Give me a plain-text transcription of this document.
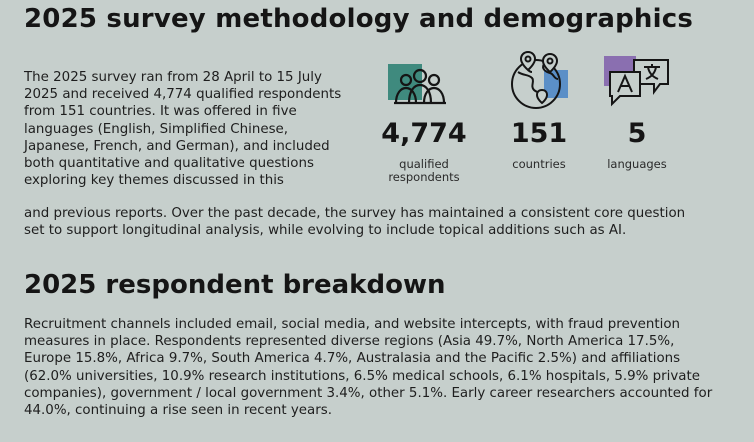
2025 survey methodology and demographics
The 2025 survey ran from 28 April to 15 July
2025 and received 4,774 qualified respondents
from 151 countries. It was offered in five
languages (English, Simplified Chinese,
Japanese, French, and German), and included
both quantitative and qualitative questions
exploring key themes discussed in this
and previous reports. Over the past decade, the survey has maintained a consistent core question
set to support longitudinal analysis, while evolving to include topical additions such as AI.
4,774
qualified
respondents
151
countries
5
languages
2025 respondent breakdown
Recruitment channels included email, social media, and website intercepts, with fraud prevention
measures in place. Respondents represented diverse regions (Asia 49.7%, North America 17.5%,
Europe 15.8%, Africa 9.7%, South America 4.7%, Australasia and the Pacific 2.5%) and affiliations
(62.0% universities, 10.9% research institutions, 6.5% medical schools, 6.1% hospitals, 5.9% private
companies), government / local government 3.4%, other 5.1%. Early career researchers accounted for
44.0%, continuing a rise seen in recent years.
